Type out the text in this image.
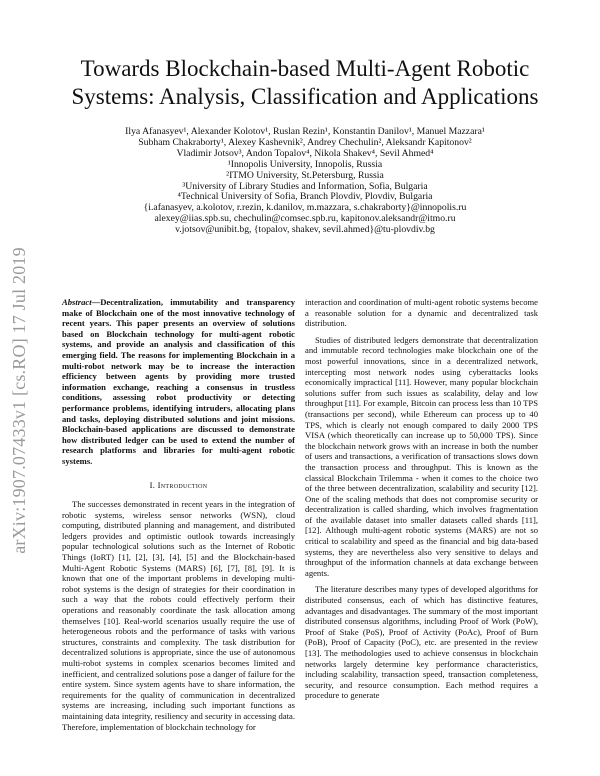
arXiv:1907.07433v1 [cs.RO] 17 Jul 2019
Towards Blockchain-based Multi-Agent Robotic
Systems: Analysis, Classification and Applications
Ilya Afanasyev¹, Alexander Kolotov¹, Ruslan Rezin¹, Konstantin Danilov¹, Manuel Mazzara¹
Subham Chakraborty¹, Alexey Kashevnik², Andrey Chechulin², Aleksandr Kapitonov²
Vladimir Jotsov³, Andon Topalov⁴, Nikola Shakev⁴, Sevil Ahmed⁴
¹Innopolis University, Innopolis, Russia
²ITMO University, St.Petersburg, Russia
³University of Library Studies and Information, Sofia, Bulgaria
⁴Technical University of Sofia, Branch Plovdiv, Plovdiv, Bulgaria
{i.afanasyev, a.kolotov, r.rezin, k.danilov, m.mazzara, s.chakraborty}@innopolis.ru
alexey@iias.spb.su, chechulin@comsec.spb.ru, kapitonov.aleksandr@itmo.ru
v.jotsov@unibit.bg, {topalov, shakev, sevil.ahmed}@tu-plovdiv.bg
Abstract—Decentralization, immutability and transparency make of Blockchain one of the most innovative technology of recent years. This paper presents an overview of solutions based on Blockchain technology for multi-agent robotic systems, and provide an analysis and classification of this emerging field. The reasons for implementing Blockchain in a multi-robot network may be to increase the interaction efficiency between agents by providing more trusted information exchange, reaching a consensus in trustless conditions, assessing robot productivity or detecting performance problems, identifying intruders, allocating plans and tasks, deploying distributed solutions and joint missions. Blockchain-based applications are discussed to demonstrate how distributed ledger can be used to extend the number of research platforms and libraries for multi-agent robotic systems.
I. Introduction

The successes demonstrated in recent years in the integration of robotic systems, wireless sensor networks (WSN), cloud computing, distributed planning and management, and distributed ledgers provides and optimistic outlook towards increasingly popular technological solutions such as the Internet of Robotic Things (IoRT) [1], [2], [3], [4], [5] and the Blockchain-based Multi-Agent Robotic Systems (MARS) [6], [7], [8], [9]. It is known that one of the important problems in developing multi-robot systems is the design of strategies for their coordination in such a way that the robots could effectively perform their operations and reasonably coordinate the task allocation among themselves [10]. Real-world scenarios usually require the use of heterogeneous robots and the performance of tasks with various structures, constraints and complexity. The task distribution for decentralized solutions is appropriate, since the use of autonomous multi-robot systems in complex scenarios becomes limited and inefficient, and centralized solutions pose a danger of failure for the entire system. Since system agents have to share information, the requirements for the quality of communication in decentralized systems are increasing, including such important functions as maintaining data integrity, resiliency and security in accessing data. Therefore, implementation of blockchain technology for

interaction and coordination of multi-agent robotic systems become a reasonable solution for a dynamic and decentralized task distribution.

Studies of distributed ledgers demonstrate that decentralization and immutable record technologies make blockchain one of the most powerful innovations, since in a decentralized network, intercepting most network nodes using cyberattacks looks economically impractical [11]. However, many popular blockchain solutions suffer from such issues as scalability, delay and low throughput [11]. For example, Bitcoin can process less than 10 TPS (transactions per second), while Ethereum can process up to 40 TPS, which is clearly not enough compared to daily 2000 TPS VISA (which theoretically can increase up to 50,000 TPS). Since the blockchain network grows with an increase in both the number of users and transactions, a verification of transactions slows down the transaction process and throughput. This is known as the classical Blockchain Trilemma - when it comes to the choice two of the three between decentralization, scalability and security [12]. One of the scaling methods that does not compromise security or decentralization is called sharding, which involves fragmentation of the available dataset into smaller datasets called shards [11], [12]. Although multi-agent robotic systems (MARS) are not so critical to scalability and speed as the financial and big data-based systems, they are nevertheless also very sensitive to delays and throughput of the information channels at data exchange between agents.

The literature describes many types of developed algorithms for distributed consensus, each of which has distinctive features, advantages and disadvantages. The summary of the most important distributed consensus algorithms, including Proof of Work (PoW), Proof of Stake (PoS), Proof of Activity (PoAc), Proof of Burn (PoB), Proof of Capacity (PoC), etc. are presented in the review [13]. The methodologies used to achieve consensus in blockchain networks largely determine key performance characteristics, including scalability, transaction speed, transaction completeness, security, and resource consumption. Each method requires a procedure to generate
